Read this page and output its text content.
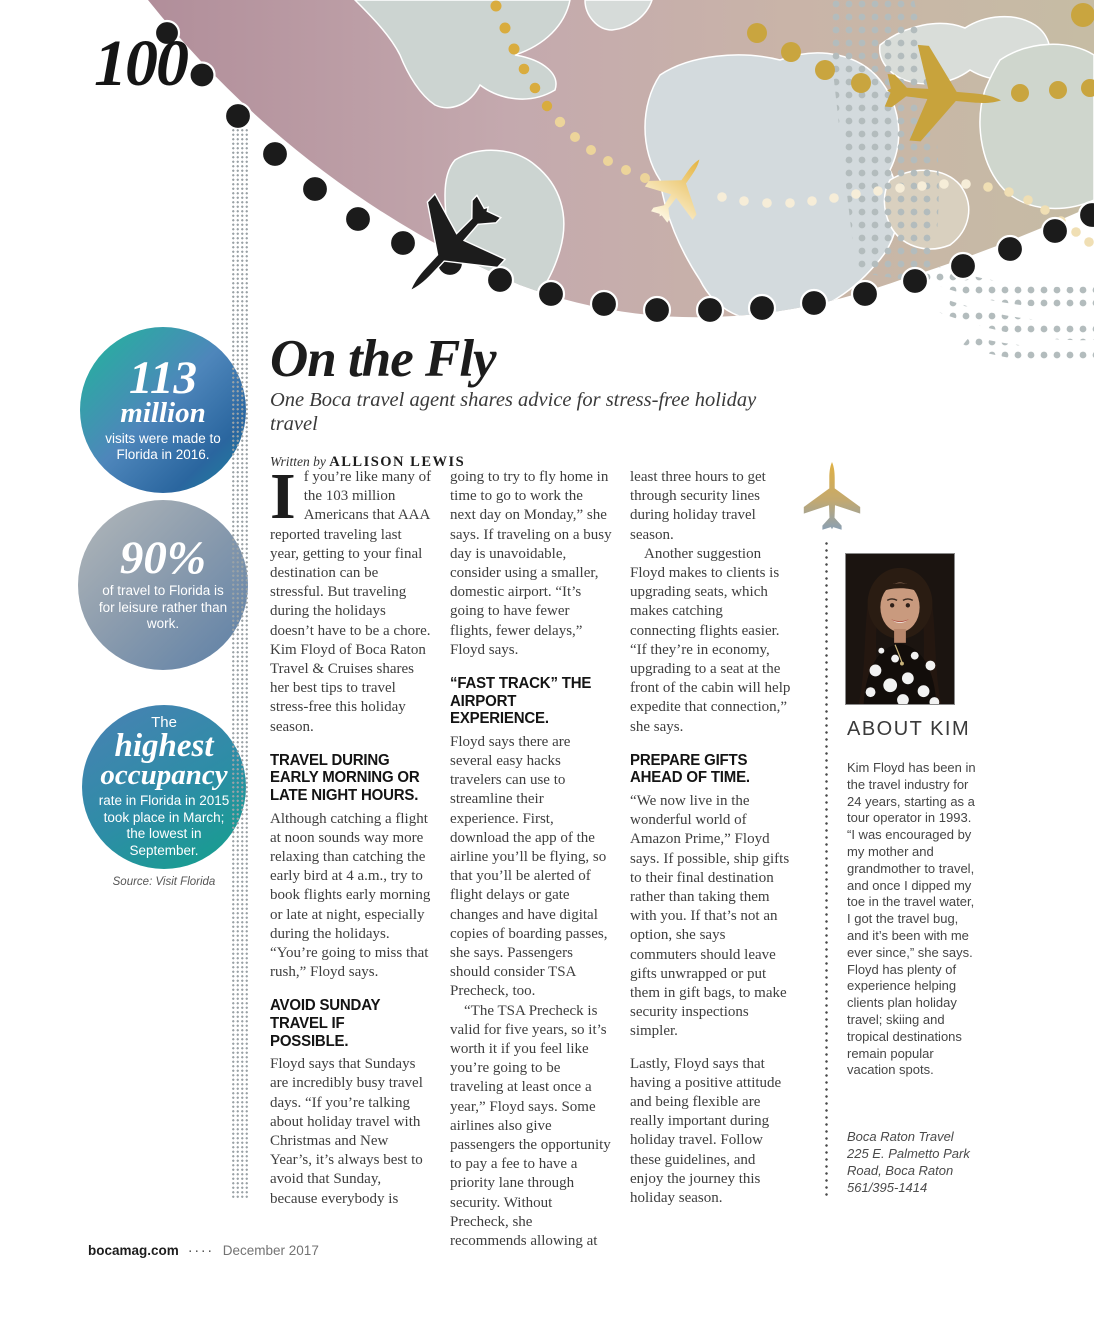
100
113
million
visits were made to Florida in 2016.
90%
of travel to Florida is for leisure rather than work.
The
highest
occupancy
rate in Florida in 2015 took place in March; the lowest in September.
Source: Visit Florida
On the Fly
One Boca travel agent shares advice for stress-free holiday travel
Written by ALLISON LEWIS

If you’re like many of the 103 million Americans that AAA reported traveling last year, getting to your final destination can be stressful. But traveling during the holidays doesn’t have to be a chore. Kim Floyd of Boca Raton Travel & Cruises shares her best tips to travel stress-free this holiday season.

TRAVEL DURING EARLY MORNING OR LATE NIGHT HOURS.

Although catching a flight at noon sounds way more relaxing than catching the early bird at 4 a.m., try to book flights early morning or late at night, especially during the holidays. “You’re going to miss that rush,” Floyd says.

AVOID SUNDAY TRAVEL IF POSSIBLE.

Floyd says that Sundays are incredibly busy travel days. “If you’re talking about holiday travel with Christmas and New Year’s, it’s always best to avoid that Sunday, because everybody is

going to try to fly home in time to go to work the next day on Monday,” she says. If traveling on a busy day is unavoidable, consider using a smaller, domestic airport. “It’s going to have fewer flights, fewer delays,” Floyd says.

“FAST TRACK” THE AIRPORT EXPERIENCE.

Floyd says there are several easy hacks travelers can use to streamline their experience. First, download the app of the airline you’ll be flying, so that you’ll be alerted of flight delays or gate changes and have digital copies of boarding passes, she says. Passengers should consider TSA Precheck, too.

“The TSA Precheck is valid for five years, so it’s worth it if you feel like you’re going to be traveling at least once a year,” Floyd says. Some airlines also give passengers the opportunity to pay a fee to have a priority lane through security. Without Precheck, she recommends allowing at

least three hours to get through security lines during holiday travel season.

Another suggestion Floyd makes to clients is upgrading seats, which makes catching connecting flights easier. “If they’re in economy, upgrading to a seat at the front of the cabin will help expedite that connection,” she says.

PREPARE GIFTS AHEAD OF TIME.

“We now live in the wonderful world of Amazon Prime,” Floyd says. If possible, ship gifts to their final destination rather than taking them with you. If that’s not an option, she says commuters should leave gifts unwrapped or put them in gift bags, to make security inspections simpler.

Lastly, Floyd says that having a positive attitude and being flexible are really important during holiday travel. Follow these guidelines, and enjoy the journey this holiday season.

ABOUT KIM
Kim Floyd has been in the travel industry for 24 years, starting as a tour operator in 1993. “I was encouraged by my mother and grandmother to travel, and once I dipped my toe in the travel water, I got the travel bug, and it’s been with me ever since,” she says. Floyd has plenty of experience helping clients plan holiday travel; skiing and tropical destinations remain popular vacation spots.
Boca Raton Travel
225 E. Palmetto Park Road, Boca Raton
561/395-1414
bocamag.com ···· December 2017
